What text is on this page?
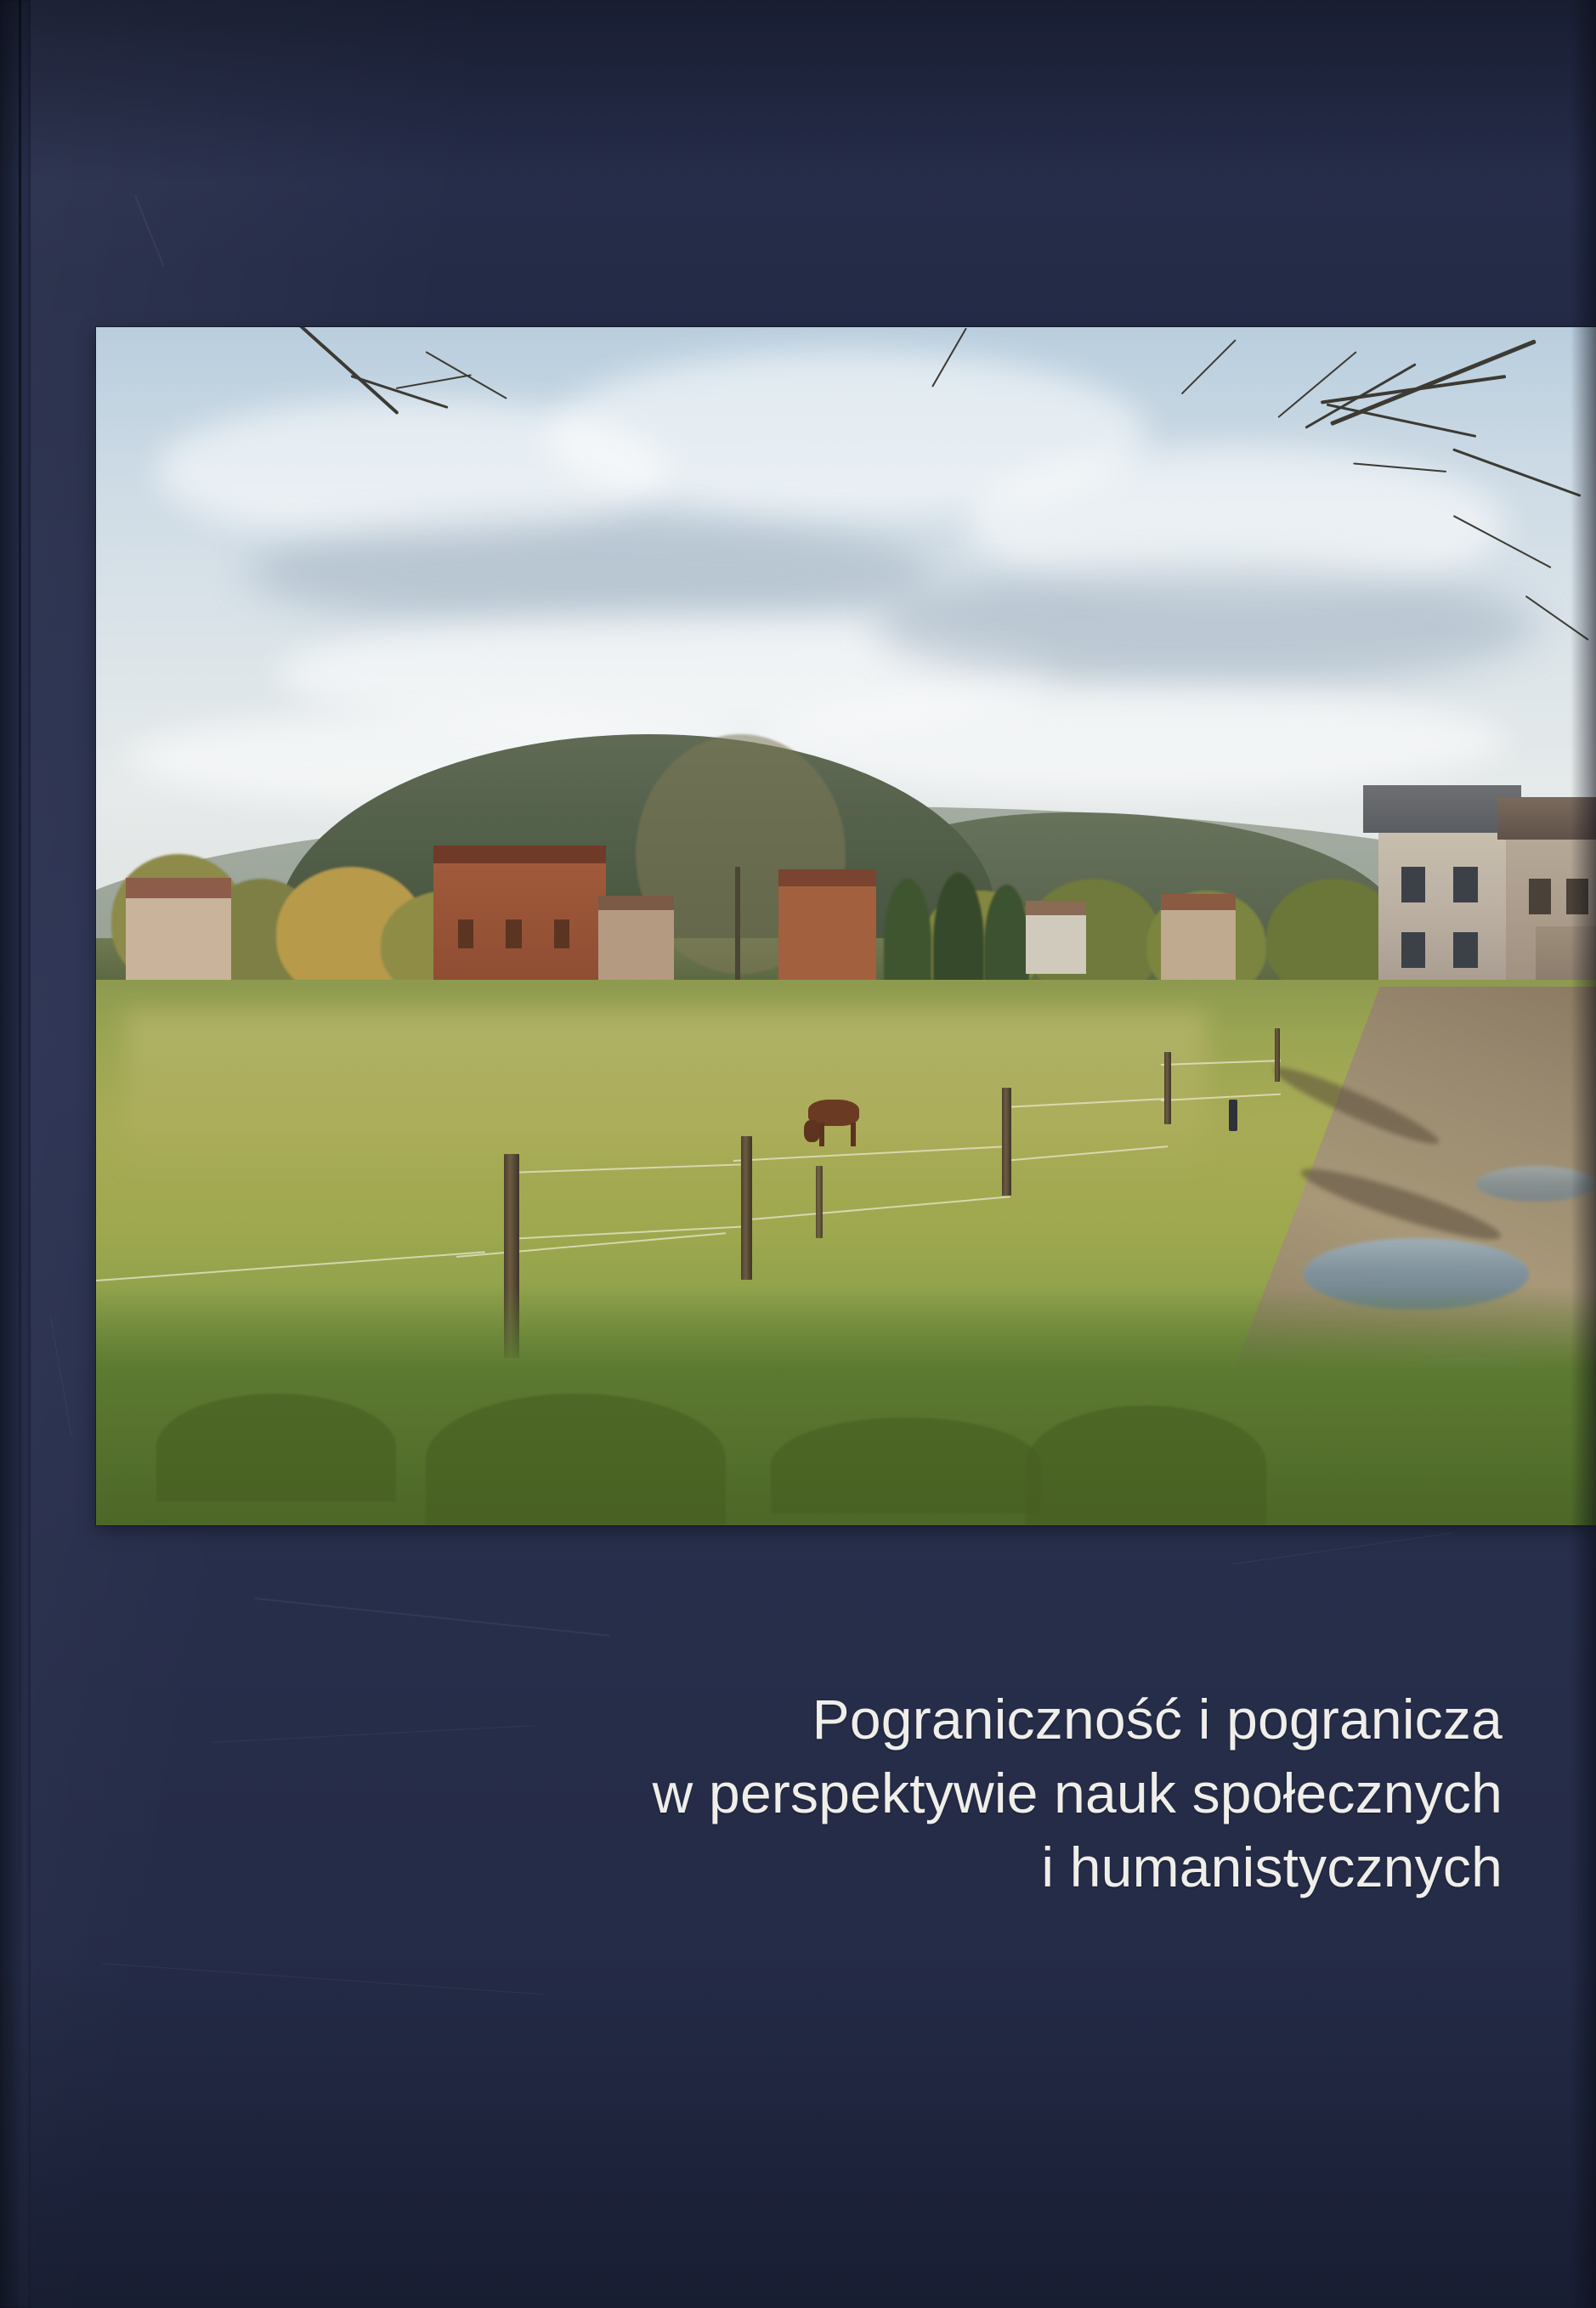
Pograniczność i pogranicza
w perspektywie nauk społecznych
i humanistycznych
